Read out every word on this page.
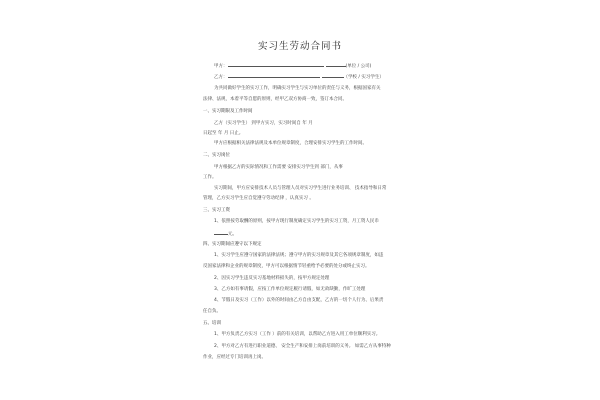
实习生劳动合同书
甲方：	(单位 / 公司)
乙方：	（学校 / 实习学生）
为共同做好学生的实习工作，明确实习学生与实习单位的责任与义务，根据国家有关
法律、法规，本着平等自愿的原则，经甲乙双方协商一致，签订本合同。
一、实习期限及工作时间
乙方（实习学生） 到甲方实习，实习时间自 年 月
日起至 年 月 日止。
甲方应根据相关法律法规及本单位规章制度，合理安排实习学生的工作时间。
二、实习岗位
甲方根据乙方的实际情况和工作需要 安排实习学生到 部门，从事
工作。
实习期间，甲方应安排技术人员与管理人员对实习学生进行业务培训、 技术指导和日常
管理，乙方实习学生应自觉遵守劳动纪律 ，认真实习 。
三、实习工资
1、依照按劳取酬的原则，按甲方现行制度确定实习学生的实习工资，月工资人民币
元。
四、实习期间应遵守以下规定
1、实习学生应遵守国家的法律法规；遵守甲方的实习规章及其它各项规章制度，如违
反国家法律和企业的规章制度，甲方可以根据情节轻重给予必要的处分或终止实习。
2、因实习学生违反实习基地材料损失的，按甲方规定处理
3、乙方如有事请假，应按工作单位规定履行请假，如无故缺勤，作旷工处理
4、节假日及实习（工作）以外的时间由乙方自由支配，乙方的一切个人行为、后果责
任自负。
五、培训
1、甲方负责乙方实习（工作 ）前的有关培训，以帮助乙方进入用工单位顺利实习。
2、甲方对乙方有进行职业道德、 安全生产和安排上岗前培训的义务。 如需乙方从事特种
作业，应经过专门培训再上岗。
